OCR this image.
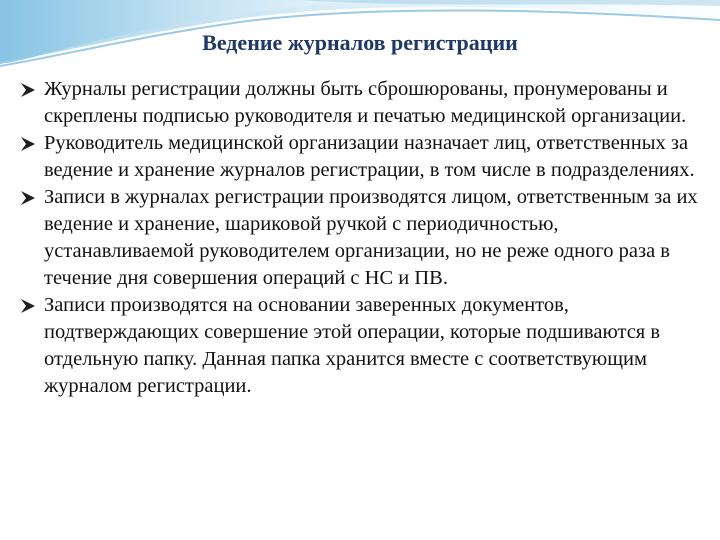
Ведение журналов регистрации
Журналы регистрации должны быть сброшюрованы, пронумерованы и скреплены подписью руководителя и печатью медицинской организации.
Руководитель медицинской организации назначает лиц, ответственных за ведение и хранение журналов регистрации, в том числе в подразделениях.
Записи в журналах регистрации производятся лицом, ответственным за их ведение и хранение, шариковой ручкой с периодичностью, устанавливаемой руководителем организации, но не реже одного раза в течение дня совершения операций с НС и ПВ.
Записи производятся на основании заверенных документов, подтверждающих совершение этой операции, которые подшиваются в отдельную папку. Данная папка хранится вместе с соответствующим журналом регистрации.
